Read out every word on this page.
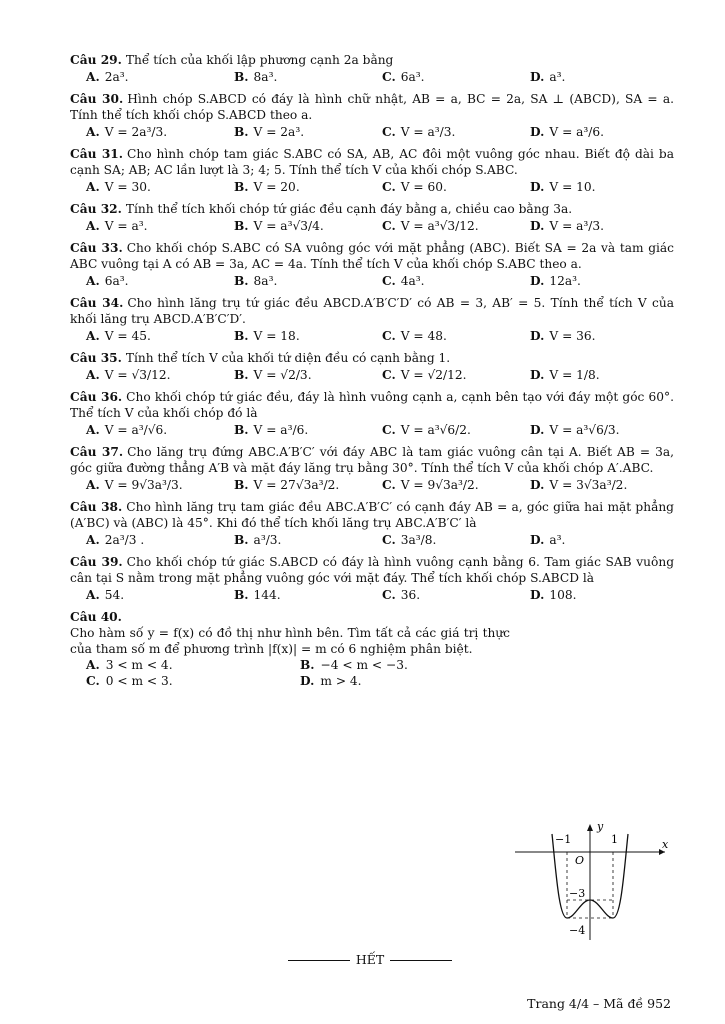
Câu 29. Thể tích của khối lập phương cạnh 2a bằng
A. 2a³.	B. 8a³.	C. 6a³.	D. a³.
Câu 30. Hình chóp S.ABCD có đáy là hình chữ nhật, AB = a, BC = 2a, SA ⊥ (ABCD), SA = a. Tính thể tích khối chóp S.ABCD theo a.
A. V = 2a³/3.	B. V = 2a³.	C. V = a³/3.	D. V = a³/6.
Câu 31. Cho hình chóp tam giác S.ABC có SA, AB, AC đôi một vuông góc nhau. Biết độ dài ba cạnh SA; AB; AC lần lượt là 3; 4; 5. Tính thể tích V của khối chóp S.ABC.
A. V = 30.	B. V = 20.	C. V = 60.	D. V = 10.
Câu 32. Tính thể tích khối chóp tứ giác đều cạnh đáy bằng a, chiều cao bằng 3a.
A. V = a³.	B. V = a³√3/4.	C. V = a³√3/12.	D. V = a³/3.
Câu 33. Cho khối chóp S.ABC có SA vuông góc với mặt phẳng (ABC). Biết SA = 2a và tam giác ABC vuông tại A có AB = 3a, AC = 4a. Tính thể tích V của khối chóp S.ABC theo a.
A. 6a³.	B. 8a³.	C. 4a³.	D. 12a³.
Câu 34. Cho hình lăng trụ tứ giác đều ABCD.A′B′C′D′ có AB = 3, AB′ = 5. Tính thể tích V của khối lăng trụ ABCD.A′B′C′D′.
A. V = 45.	B. V = 18.	C. V = 48.	D. V = 36.
Câu 35. Tính thể tích V của khối tứ diện đều có cạnh bằng 1.
A. V = √3/12.	B. V = √2/3.	C. V = √2/12.	D. V = 1/8.
Câu 36. Cho khối chóp tứ giác đều, đáy là hình vuông cạnh a, cạnh bên tạo với đáy một góc 60°. Thể tích V của khối chóp đó là
A. V = a³/√6.	B. V = a³/6.	C. V = a³√6/2.	D. V = a³√6/3.
Câu 37. Cho lăng trụ đứng ABC.A′B′C′ với đáy ABC là tam giác vuông cân tại A. Biết AB = 3a, góc giữa đường thẳng A′B và mặt đáy lăng trụ bằng 30°. Tính thể tích V của khối chóp A′.ABC.
A. V = 9√3a³/3.	B. V = 27√3a³/2.	C. V = 9√3a³/2.	D. V = 3√3a³/2.
Câu 38. Cho hình lăng trụ tam giác đều ABC.A′B′C′ có cạnh đáy AB = a, góc giữa hai mặt phẳng (A′BC) và (ABC) là 45°. Khi đó thể tích khối lăng trụ ABC.A′B′C′ là
A. 2a³/3 .	B. a³/3.	C. 3a³/8.	D. a³.
Câu 39. Cho khối chóp tứ giác S.ABCD có đáy là hình vuông cạnh bằng 6. Tam giác SAB vuông cân tại S nằm trong mặt phẳng vuông góc với mặt đáy. Thể tích khối chóp S.ABCD là
A. 54.	B. 144.	C. 36.	D. 108.
Câu 40.
Cho hàm số y = f(x) có đồ thị như hình bên. Tìm tất cả các giá trị thực của tham số m để phương trình |f(x)| = m có 6 nghiệm phân biệt.
A. 3 < m < 4.	B. −4 < m < −3.
C. 0 < m < 3.	D. m > 4.
y
x
O
−1	1
−3
−4
HẾT
Trang 4/4 – Mã đề 952
